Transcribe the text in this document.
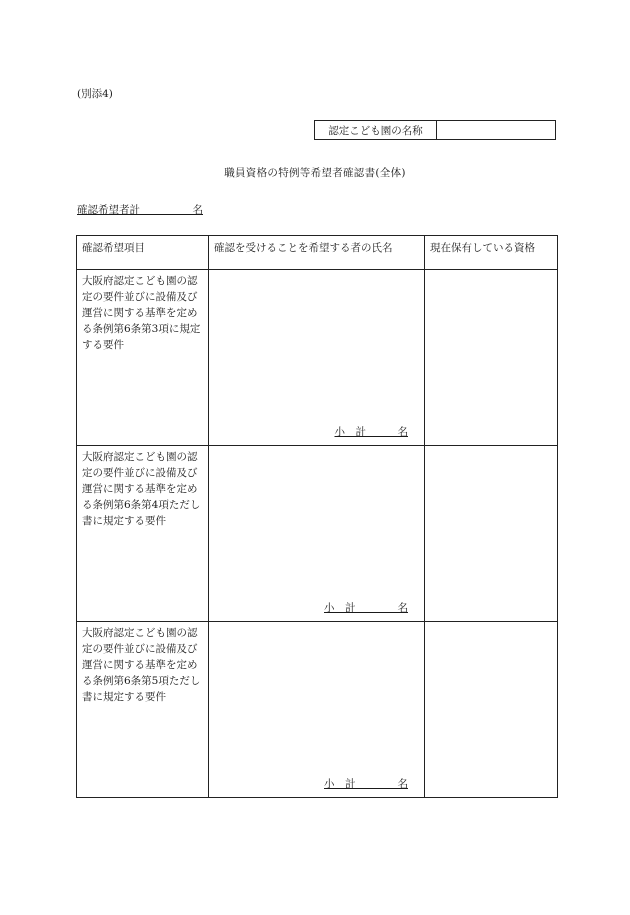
(別添4)
認定こども園の名称
職員資格の特例等希望者確認書(全体)
確認希望者計　　　　　名
確認希望項目	確認を受けることを希望する者の氏名	現在保有している資格

大阪府認定こども園の認定の要件並びに設備及び運営に関する基準を定める条例第6条第3項に規定する要件	小　計　　　名	

大阪府認定こども園の認定の要件並びに設備及び運営に関する基準を定める条例第6条第4項ただし書に規定する要件	小　計　　　　名	

大阪府認定こども園の認定の要件並びに設備及び運営に関する基準を定める条例第6条第5項ただし書に規定する要件	小　計　　　　名	
